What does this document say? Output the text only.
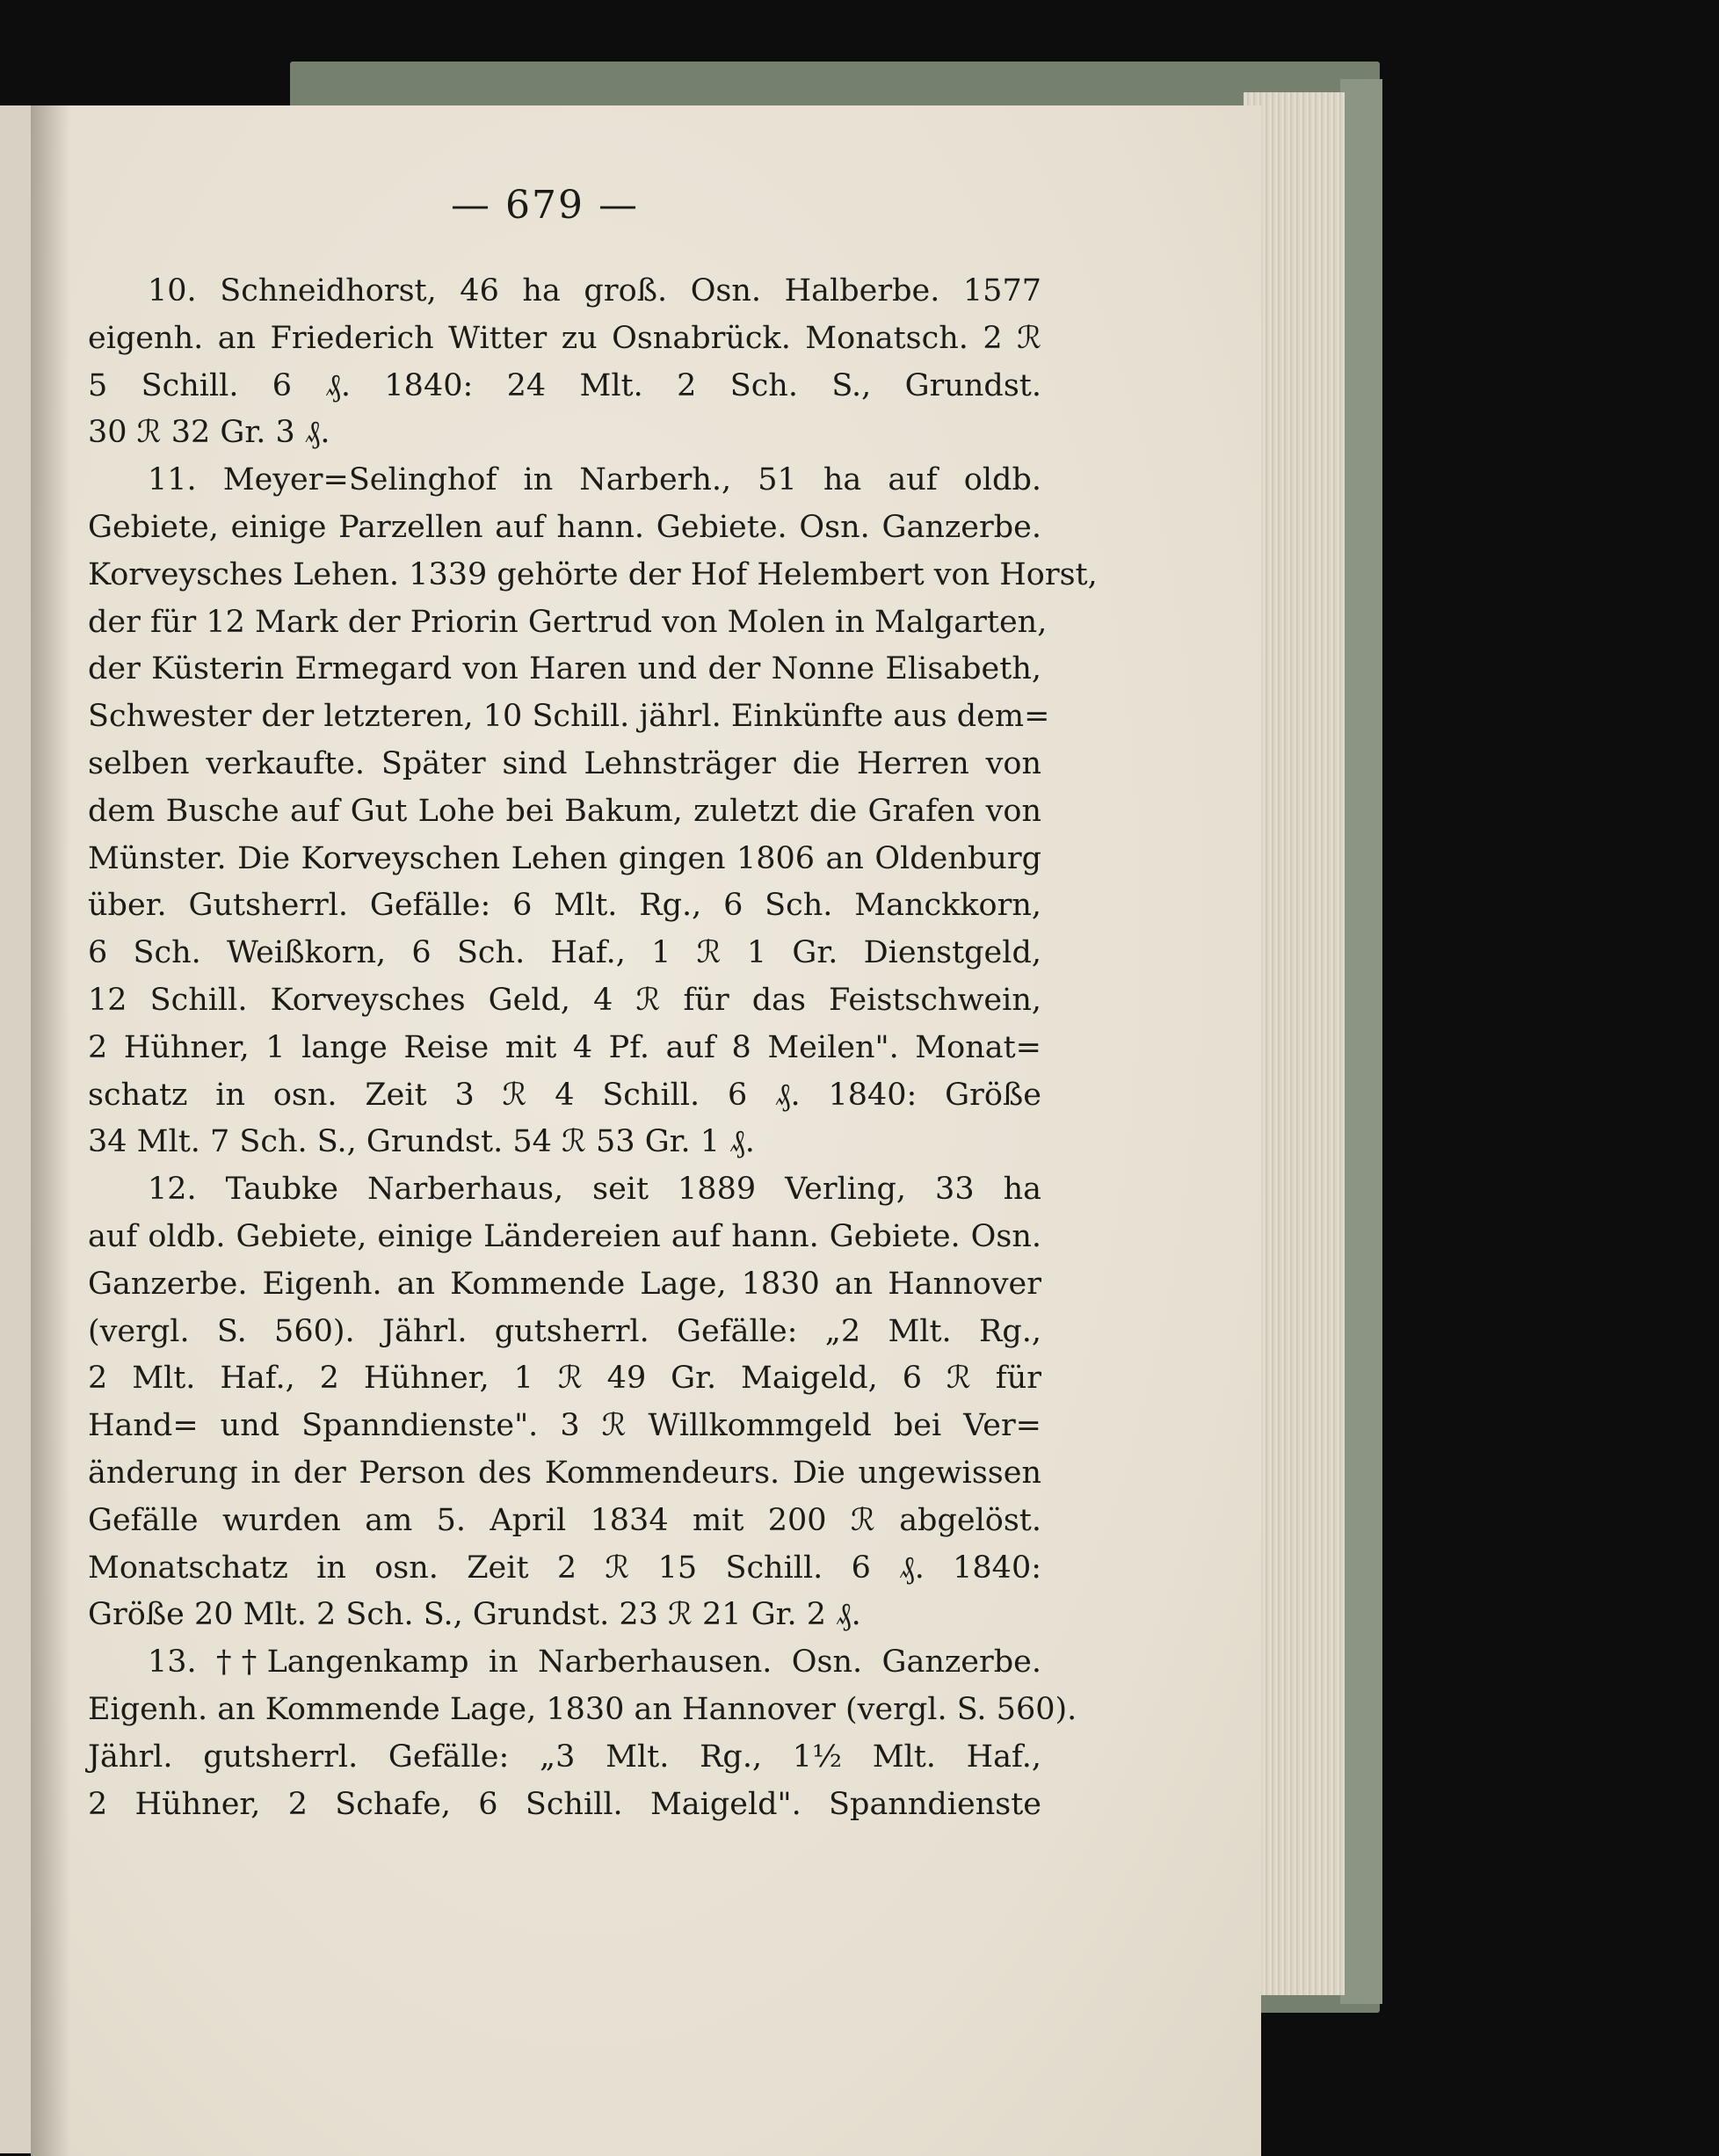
— 679 —
10. Schneidhorst, 46 ha groß. Osn. Halberbe. 1577
eigenh. an Friederich Witter zu Osnabrück. Monatsch. 2 ℛ
5 Schill. 6 ₰. 1840: 24 Mlt. 2 Sch. S., Grundst.
30 ℛ 32 Gr. 3 ₰.
11. Meyer=Selinghof in Narberh., 51 ha auf oldb.
Gebiete, einige Parzellen auf hann. Gebiete. Osn. Ganzerbe.
Korveysches Lehen. 1339 gehörte der Hof Helembert von Horst,
der für 12 Mark der Priorin Gertrud von Molen in Malgarten,
der Küsterin Ermegard von Haren und der Nonne Elisabeth,
Schwester der letzteren, 10 Schill. jährl. Einkünfte aus dem=
selben verkaufte. Später sind Lehnsträger die Herren von
dem Busche auf Gut Lohe bei Bakum, zuletzt die Grafen von
Münster. Die Korveyschen Lehen gingen 1806 an Oldenburg
über. Gutsherrl. Gefälle: 6 Mlt. Rg., 6 Sch. Manckkorn,
6 Sch. Weißkorn, 6 Sch. Haf., 1 ℛ 1 Gr. Dienstgeld,
12 Schill. Korveysches Geld, 4 ℛ für das Feistschwein,
2 Hühner, 1 lange Reise mit 4 Pf. auf 8 Meilen". Monat=
schatz in osn. Zeit 3 ℛ 4 Schill. 6 ₰. 1840: Größe
34 Mlt. 7 Sch. S., Grundst. 54 ℛ 53 Gr. 1 ₰.
12. Taubke Narberhaus, seit 1889 Verling, 33 ha
auf oldb. Gebiete, einige Ländereien auf hann. Gebiete. Osn.
Ganzerbe. Eigenh. an Kommende Lage, 1830 an Hannover
(vergl. S. 560). Jährl. gutsherrl. Gefälle: „2 Mlt. Rg.,
2 Mlt. Haf., 2 Hühner, 1 ℛ 49 Gr. Maigeld, 6 ℛ für
Hand= und Spanndienste". 3 ℛ Willkommgeld bei Ver=
änderung in der Person des Kommendeurs. Die ungewissen
Gefälle wurden am 5. April 1834 mit 200 ℛ abgelöst.
Monatschatz in osn. Zeit 2 ℛ 15 Schill. 6 ₰. 1840:
Größe 20 Mlt. 2 Sch. S., Grundst. 23 ℛ 21 Gr. 2 ₰.
13. ††Langenkamp in Narberhausen. Osn. Ganzerbe.
Eigenh. an Kommende Lage, 1830 an Hannover (vergl. S. 560).
Jährl. gutsherrl. Gefälle: „3 Mlt. Rg., 1½ Mlt. Haf.,
2 Hühner, 2 Schafe, 6 Schill. Maigeld". Spanndienste
